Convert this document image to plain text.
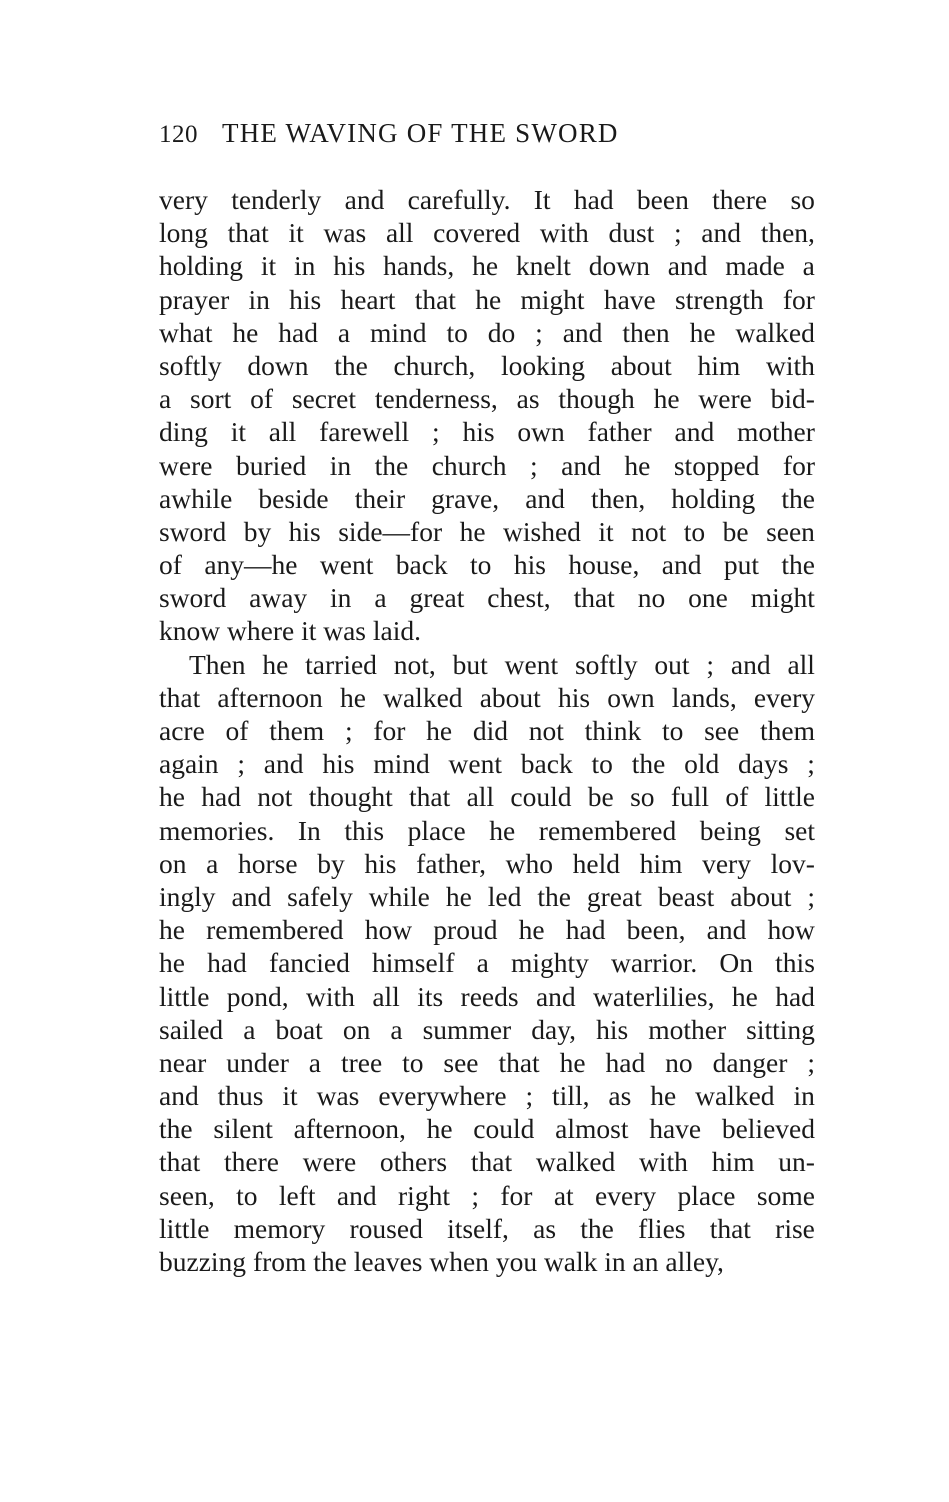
120 THE WAVING OF THE SWORD
very tenderly and carefully. It had been there so
long that it was all covered with dust ; and then,
holding it in his hands, he knelt down and made a
prayer in his heart that he might have strength for
what he had a mind to do ; and then he walked
softly down the church, looking about him with
a sort of secret tenderness, as though he were bid-
ding it all farewell ; his own father and mother
were buried in the church ; and he stopped for
awhile beside their grave, and then, holding the
sword by his side—for he wished it not to be seen
of any—he went back to his house, and put the
sword away in a great chest, that no one might
know where it was laid.
Then he tarried not, but went softly out ; and all
that afternoon he walked about his own lands, every
acre of them ; for he did not think to see them
again ; and his mind went back to the old days ;
he had not thought that all could be so full of little
memories. In this place he remembered being set
on a horse by his father, who held him very lov-
ingly and safely while he led the great beast about ;
he remembered how proud he had been, and how
he had fancied himself a mighty warrior. On this
little pond, with all its reeds and waterlilies, he had
sailed a boat on a summer day, his mother sitting
near under a tree to see that he had no danger ;
and thus it was everywhere ; till, as he walked in
the silent afternoon, he could almost have believed
that there were others that walked with him un-
seen, to left and right ; for at every place some
little memory roused itself, as the flies that rise
buzzing from the leaves when you walk in an alley,
